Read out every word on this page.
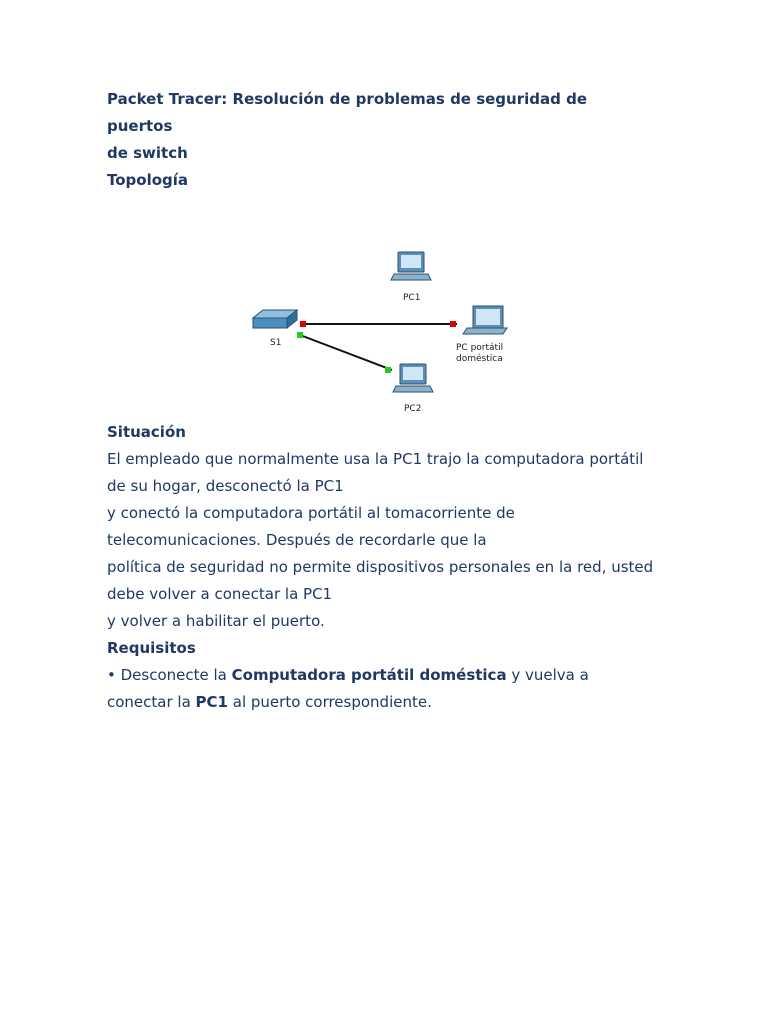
Packet Tracer: Resolución de problemas de seguridad de
puertos
de switch
Topología
PC1
S1	PC portátil
doméstica
PC2
Situación
El empleado que normalmente usa la PC1 trajo la computadora portátil
de su hogar, desconectó la PC1
y conectó la computadora portátil al tomacorriente de
telecomunicaciones. Después de recordarle que la
política de seguridad no permite dispositivos personales en la red, usted
debe volver a conectar la PC1
y volver a habilitar el puerto.
Requisitos
• Desconecte la Computadora portátil doméstica y vuelva a
conectar la PC1 al puerto correspondiente.
